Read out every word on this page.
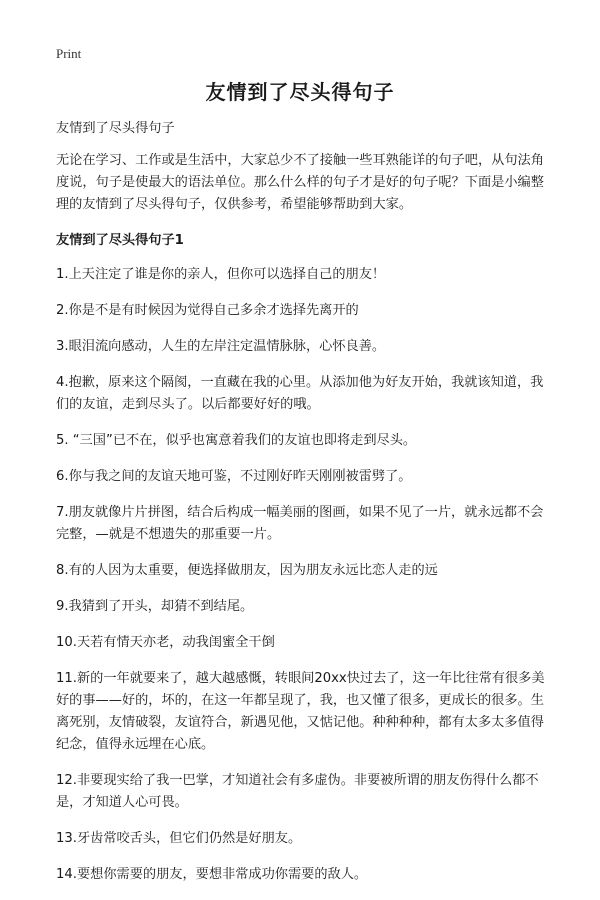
Print
友情到了尽头得句子

友情到了尽头得句子

无论在学习、工作或是生活中，大家总少不了接触一些耳熟能详的句子吧，从句法角度说，句子是使最大的语法单位。那么什么样的句子才是好的句子呢？下面是小编整理的友情到了尽头得句子，仅供参考，希望能够帮助到大家。

友情到了尽头得句子1

1.上天注定了谁是你的亲人，但你可以选择自己的朋友！

2.你是不是有时候因为觉得自己多余才选择先离开的

3.眼泪流向感动，人生的左岸注定温情脉脉，心怀良善。

4.抱歉，原来这个隔阂，一直藏在我的心里。从添加他为好友开始，我就该知道，我们的友谊，走到尽头了。以后都要好好的哦。

5. “三国”已不在，似乎也寓意着我们的友谊也即将走到尽头。

6.你与我之间的友谊天地可鉴，不过刚好昨天刚刚被雷劈了。

7.朋友就像片片拼图，结合后构成一幅美丽的图画，如果不见了一片，就永远都不会完整，—就是不想遗失的那重要一片。

8.有的人因为太重要，便选择做朋友，因为朋友永远比恋人走的远

9.我猜到了开头，却猜不到结尾。

10.天若有情天亦老，动我闺蜜全干倒

11.新的一年就要来了，越大越感慨，转眼间20xx快过去了，这一年比往常有很多美好的事——好的，坏的，在这一年都呈现了，我，也又懂了很多，更成长的很多。生离死别，友情破裂，友谊符合，新遇见他，又惦记他。种种种种，都有太多太多值得纪念，值得永远埋在心底。

12.非要现实给了我一巴掌，才知道社会有多虚伪。非要被所谓的朋友伤得什么都不是，才知道人心可畏。

13.牙齿常咬舌头，但它们仍然是好朋友。

14.要想你需要的朋友，要想非常成功你需要的敌人。
